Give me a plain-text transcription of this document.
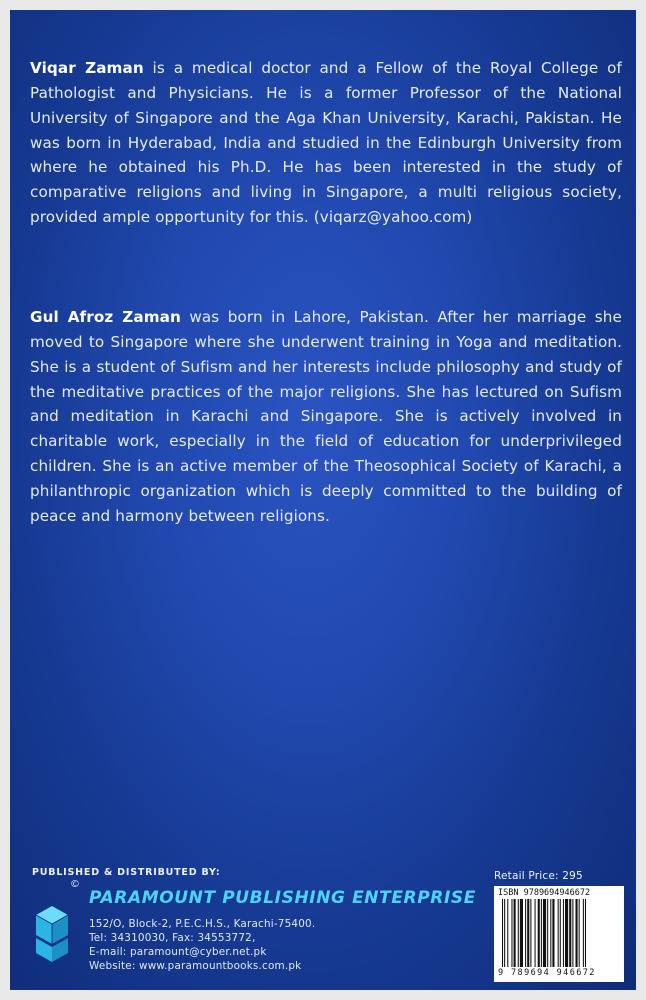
Viqar Zaman is a medical doctor and a Fellow of the Royal College of Pathologist and Physicians. He is a former Professor of the National University of Singapore and the Aga Khan University, Karachi, Pakistan. He was born in Hyderabad, India and studied in the Edinburgh University from where he obtained his Ph.D. He has been interested in the study of comparative religions and living in Singapore, a multi religious society, provided ample opportunity for this. (viqarz@yahoo.com)

Gul Afroz Zaman was born in Lahore, Pakistan. After her marriage she moved to Singapore where she underwent training in Yoga and meditation. She is a student of Sufism and her interests include philosophy and study of the meditative practices of the major religions. She has lectured on Sufism and meditation in Karachi and Singapore. She is actively involved in charitable work, especially in the field of education for underprivileged children. She is an active member of the Theosophical Society of Karachi, a philanthropic organization which is deeply committed to the building of peace and harmony between religions.

PUBLISHED & DISTRIBUTED BY:
©
PARAMOUNT PUBLISHING ENTERPRISE
152/O, Block-2, P.E.C.H.S., Karachi-75400.
Tel: 34310030, Fax: 34553772,
E-mail: paramount@cyber.net.pk
Website: www.paramountbooks.com.pk
Retail Price: 295
ISBN 9789694946672
9 789694 946672
